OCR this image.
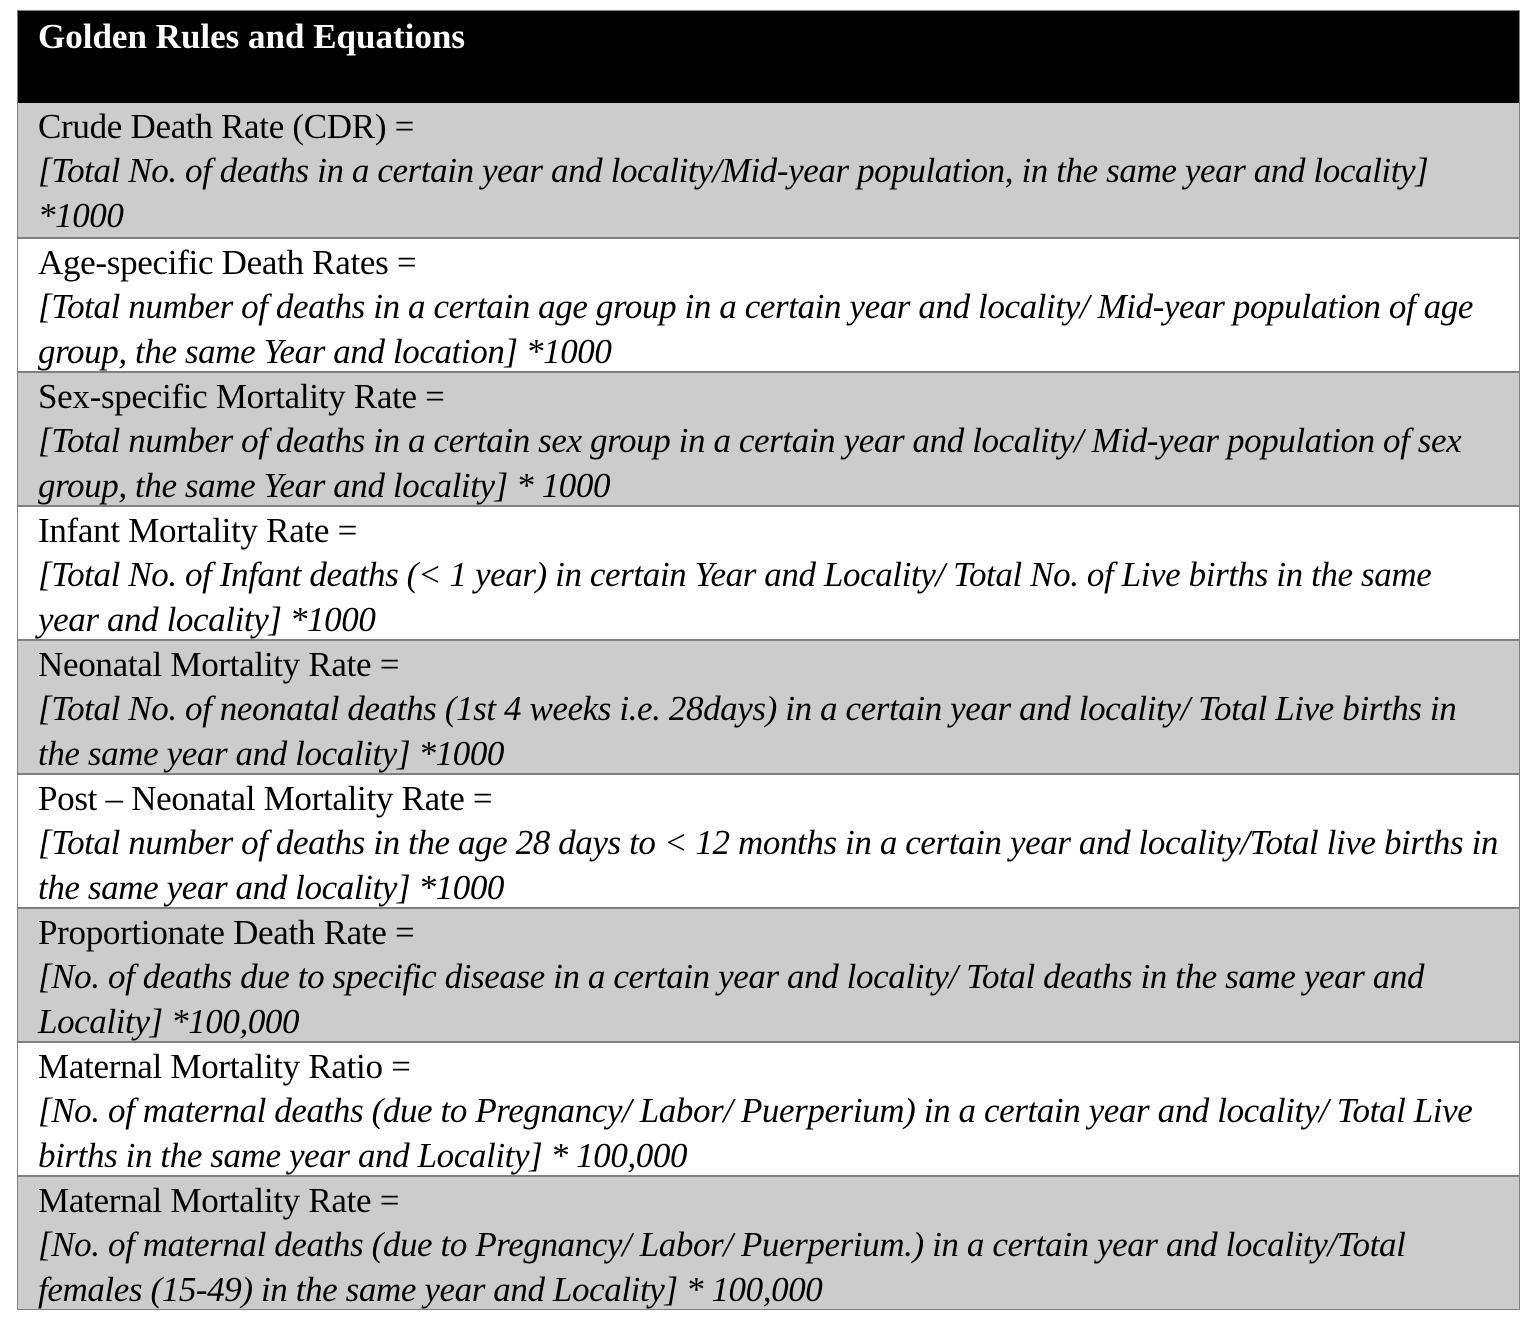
Golden Rules and Equations
Crude Death Rate (CDR) =
[Total No. of deaths in a certain year and locality/Mid-year population, in the same year and locality] *1000
Age-specific Death Rates =
[Total number of deaths in a certain age group in a certain year and locality/ Mid-year population of age group, the same Year and location] *1000
Sex-specific Mortality Rate =
[Total number of deaths in a certain sex group in a certain year and locality/ Mid-year population of sex group, the same Year and locality] * 1000
Infant Mortality Rate =
[Total No. of Infant deaths (< 1 year) in certain Year and Locality/ Total No. of Live births in the same year and locality] *1000
Neonatal Mortality Rate =
[Total No. of neonatal deaths (1st 4 weeks i.e. 28days) in a certain year and locality/ Total Live births in the same year and locality] *1000
Post – Neonatal Mortality Rate =
[Total number of deaths in the age 28 days to < 12 months in a certain year and locality/Total live births in the same year and locality] *1000
Proportionate Death Rate =
[No. of deaths due to specific disease in a certain year and locality/ Total deaths in the same year and Locality] *100,000
Maternal Mortality Ratio =
[No. of maternal deaths (due to Pregnancy/ Labor/ Puerperium) in a certain year and locality/ Total Live births in the same year and Locality] * 100,000
Maternal Mortality Rate =
[No. of maternal deaths (due to Pregnancy/ Labor/ Puerperium.) in a certain year and locality/Total females (15-49) in the same year and Locality] * 100,000
